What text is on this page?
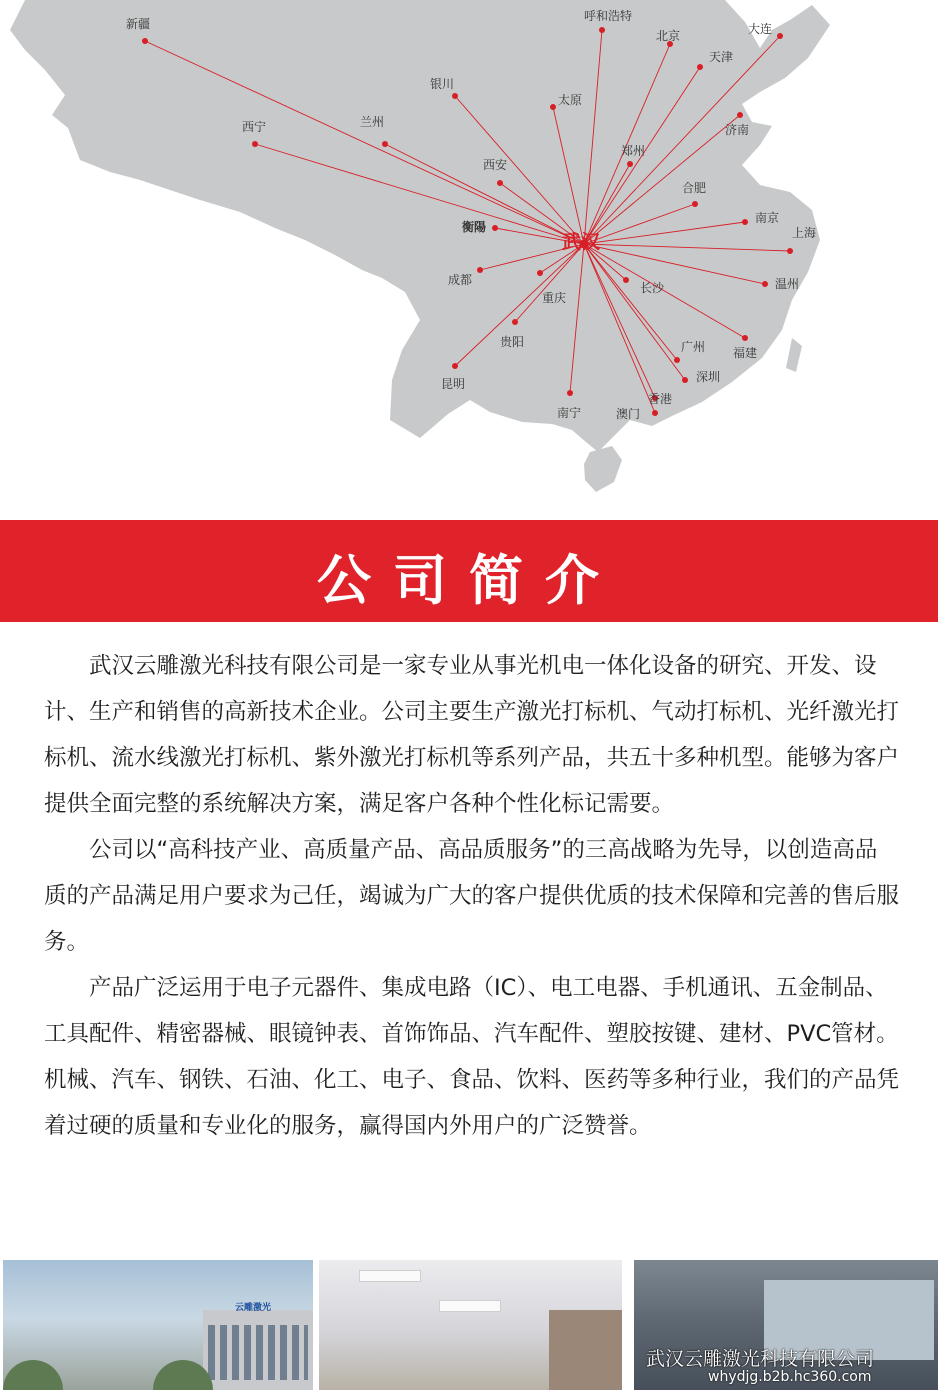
新疆
呼和浩特
北京	大连
天津
银川
太原
西宁	兰州
济南
郑州
西安
合肥
衡陽
南京
上海
成都	温州
长沙
重庆
贵阳	广州 福建
深圳
昆明
香港
南宁	澳门
武汉
公司简介

武汉云雕激光科技有限公司是一家专业从事光机电一体化设备的研究、开发、设计、生产和销售的高新技术企业。公司主要生产激光打标机、气动打标机、光纤激光打标机、流水线激光打标机、紫外激光打标机等系列产品，共五十多种机型。能够为客户提供全面完整的系统解决方案，满足客户各种个性化标记需要。

公司以“高科技产业、高质量产品、高品质服务”的三高战略为先导，以创造高品质的产品满足用户要求为己任，竭诚为广大的客户提供优质的技术保障和完善的售后服务。

产品广泛运用于电子元器件、集成电路（IC）、电工电器、手机通讯、五金制品、工具配件、精密器械、眼镜钟表、首饰饰品、汽车配件、塑胶按键、建材、PVC管材。机械、汽车、钢铁、石油、化工、电子、食品、饮料、医药等多种行业，我们的产品凭着过硬的质量和专业化的服务，赢得国内外用户的广泛赞誉。

云雕激光
武汉云雕激光科技有限公司
whydjg.b2b.hc360.com
